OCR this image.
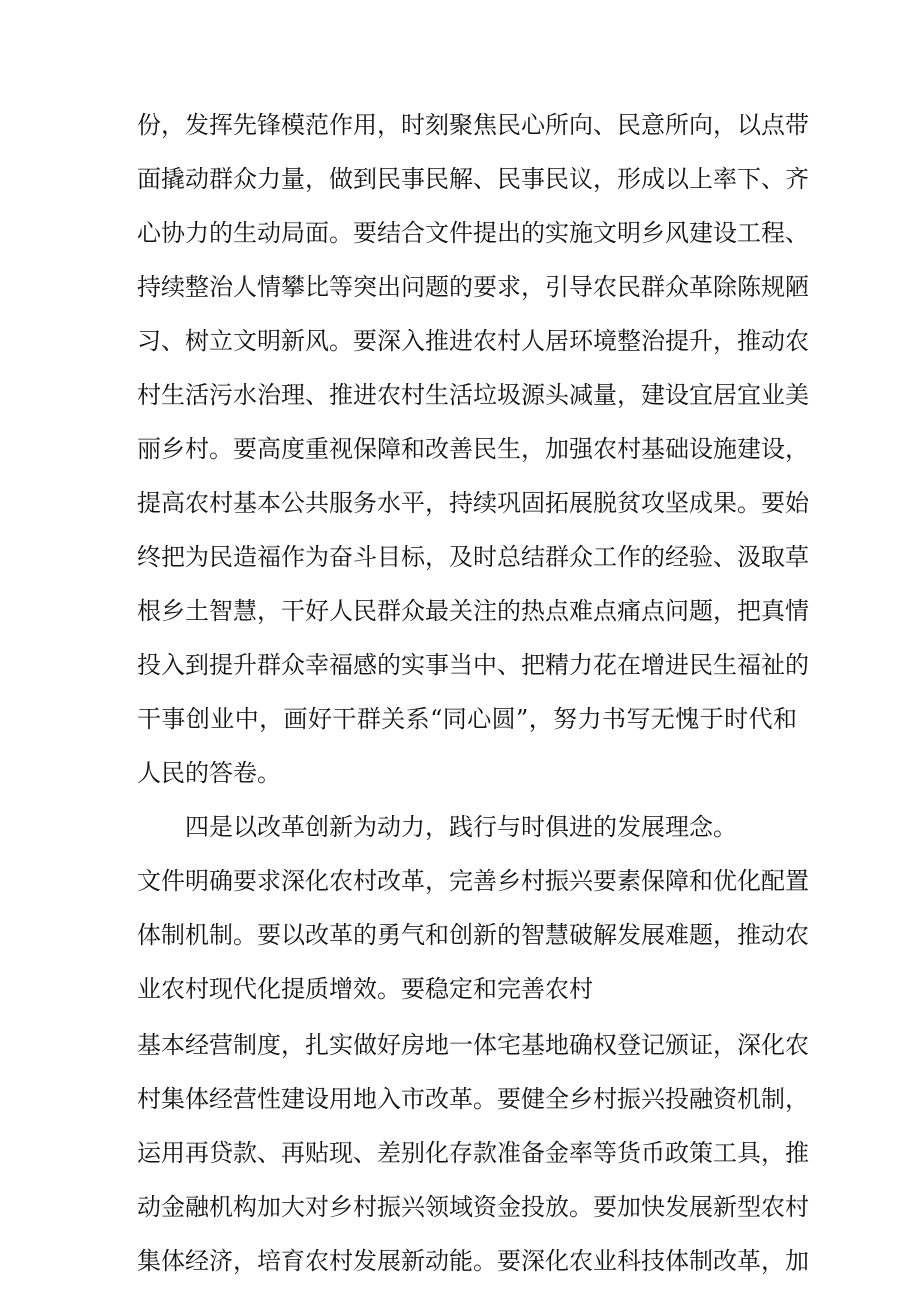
份，发挥先锋模范作用，时刻聚焦民心所向、民意所向，以点带

面撬动群众力量，做到民事民解、民事民议，形成以上率下、齐

心协力的生动局面。要结合文件提出的实施文明乡风建设工程、

持续整治人情攀比等突出问题的要求，引导农民群众革除陈规陋

习、树立文明新风。要深入推进农村人居环境整治提升，推动农

村生活污水治理、推进农村生活垃圾源头减量，建设宜居宜业美

丽乡村。要高度重视保障和改善民生，加强农村基础设施建设，

提高农村基本公共服务水平，持续巩固拓展脱贫攻坚成果。要始

终把为民造福作为奋斗目标，及时总结群众工作的经验、汲取草

根乡土智慧，干好人民群众最关注的热点难点痛点问题，把真情

投入到提升群众幸福感的实事当中、把精力花在增进民生福祉的

干事创业中，画好干群关系“同心圆”，努力书写无愧于时代和

人民的答卷。

四是以改革创新为动力，践行与时俱进的发展理念。

文件明确要求深化农村改革，完善乡村振兴要素保障和优化配置

体制机制。要以改革的勇气和创新的智慧破解发展难题，推动农

业农村现代化提质增效。要稳定和完善农村

基本经营制度，扎实做好房地一体宅基地确权登记颁证，深化农

村集体经营性建设用地入市改革。要健全乡村振兴投融资机制，

运用再贷款、再贴现、差别化存款准备金率等货币政策工具，推

动金融机构加大对乡村振兴领域资金投放。要加快发展新型农村

集体经济，培育农村发展新动能。要深化农业科技体制改革，加
